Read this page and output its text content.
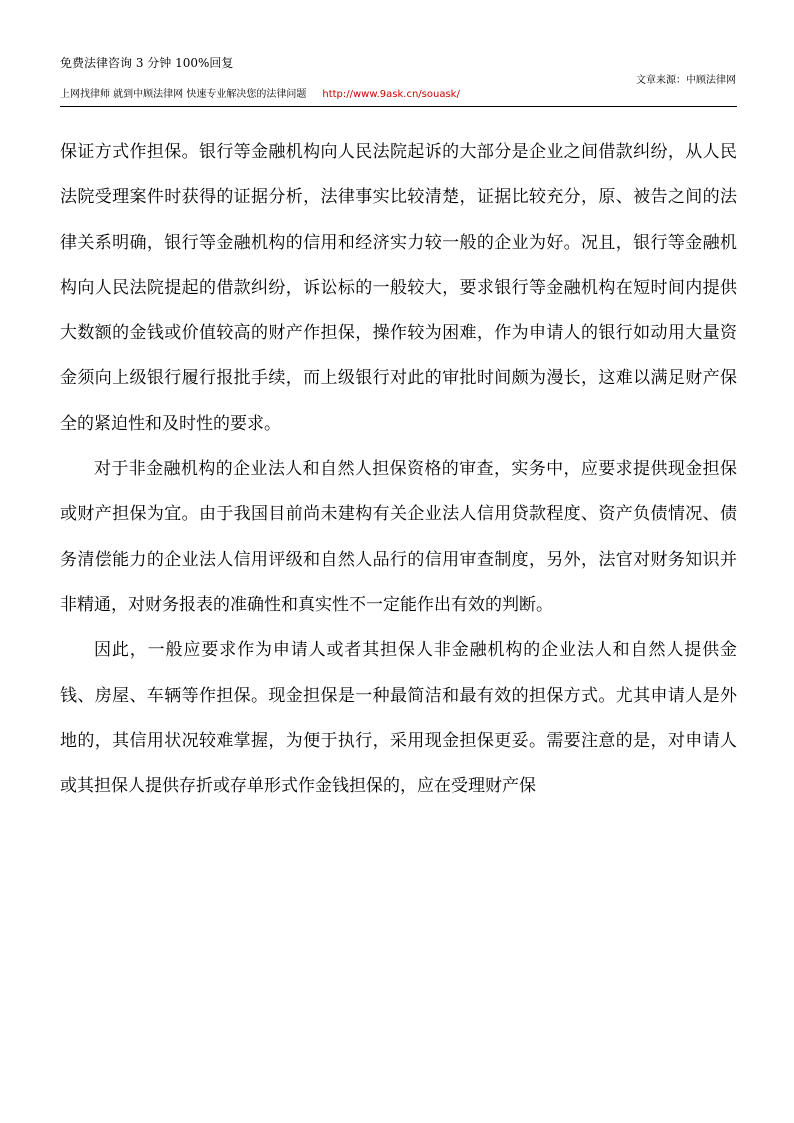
免费法律咨询 3 分钟 100%回复
文章来源：中顾法律网
上网找律师 就到中顾法律网 快速专业解决您的法律问题 http://www.9ask.cn/souask/

保证方式作担保。银行等金融机构向人民法院起诉的大部分是企业之间借款纠纷，从人民法院受理案件时获得的证据分析，法律事实比较清楚，证据比较充分，原、被告之间的法律关系明确，银行等金融机构的信用和经济实力较一般的企业为好。况且，银行等金融机构向人民法院提起的借款纠纷，诉讼标的一般较大，要求银行等金融机构在短时间内提供大数额的金钱或价值较高的财产作担保，操作较为困难，作为申请人的银行如动用大量资金须向上级银行履行报批手续，而上级银行对此的审批时间颇为漫长，这难以满足财产保全的紧迫性和及时性的要求。

对于非金融机构的企业法人和自然人担保资格的审查，实务中，应要求提供现金担保或财产担保为宜。由于我国目前尚未建构有关企业法人信用贷款程度、资产负债情况、债务清偿能力的企业法人信用评级和自然人品行的信用审查制度，另外，法官对财务知识并非精通，对财务报表的准确性和真实性不一定能作出有效的判断。

因此，一般应要求作为申请人或者其担保人非金融机构的企业法人和自然人提供金钱、房屋、车辆等作担保。现金担保是一种最简洁和最有效的担保方式。尤其申请人是外地的，其信用状况较难掌握，为便于执行，采用现金担保更妥。需要注意的是，对申请人或其担保人提供存折或存单形式作金钱担保的，应在受理财产保
